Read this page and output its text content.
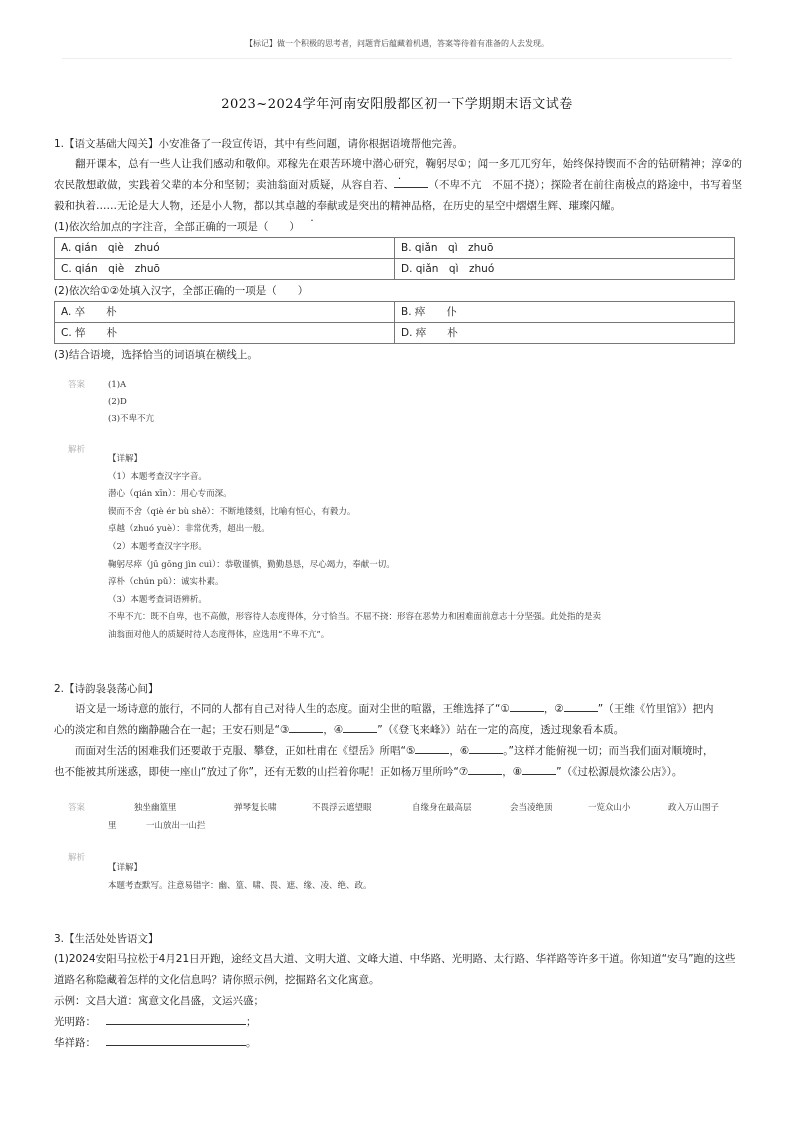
【标记】做一个积极的思考者，问题背后蕴藏着机遇，答案等待着有准备的人去发现。
2023~2024学年河南安阳殷都区初一下学期期末语文试卷

1.【语文基础大闯关】小安准备了一段宣传语，其中有些问题，请你根据语境帮他完善。

翻开课本，总有一些人让我们感动和敬仰。邓稼先在艰苦环境中潜 .心研究，鞠躬尽①；闻一多兀兀穷年，始终保持锲 .而不舍的钻研精神；淳②的农民散想敢做，实践着父辈的本分和坚韧；卖油翁面对质疑，从容自若、	（不卑不亢　不屈不挠）；探险者在前往南极点的路途中，书写着坚毅和执着……无论是大人物，还是小人物，都以其卓 .越的奉献或是突出的精神品格，在历史的星空中熠熠生辉、璀璨闪耀。

(1)依次给加点的字注音，全部正确的一项是（　　）

A. qián　qiè　zhuó	B. qiǎn　qì　zhuō
C. qián　qiè　zhuō	D. qiǎn　qì　zhuó

(2)依次给①②处填入汉字，全部正确的一项是（　　）

A. 卒　　朴	B. 瘁　　仆
C. 悴　　朴	D. 瘁　　朴

(3)结合语境，选择恰当的词语填在横线上。

答案	(1)A
(2)D
(3)不卑不亢
解析
【详解】
（1）本题考查汉字字音。
潜心（qián xīn）：用心专而深。
锲而不舍（qiè ér bù shě）：不断地镂刻，比喻有恒心，有毅力。
卓越（zhuó yuè）：非常优秀，超出一般。
（2）本题考查汉字字形。
鞠躬尽瘁（jū gōng jìn cuì）：恭敬谨慎，勤勤恳恳，尽心竭力，奉献一切。
淳朴（chún pǔ）：诚实朴素。
（3）本题考查词语辨析。
不卑不亢：既不自卑，也不高傲，形容待人态度得体，分寸恰当。不屈不挠：形容在恶势力和困难面前意志十分坚强。此处指的是卖
油翁面对他人的质疑时待人态度得体，应选用“不卑不亢”。

2.【诗韵袅袅荡心间】

语文是一场诗意的旅行，不同的人都有自己对待人生的态度。面对尘世的喧嚣，王维选择了“①	，②	”（王维《竹里馆》）把内

心的淡定和自然的幽静融合在一起；王安石则是“③	，④	”（《登飞来峰》）站在一定的高度，透过现象看本质。

而面对生活的困难我们还要敢于克服、攀登，正如杜甫在《望岳》所唱“⑤	，⑥	。”这样才能俯视一切；而当我们面对顺境时，

也不能被其所迷惑，即使一座山“放过了你”，还有无数的山拦着你呢！正如杨万里所吟“⑦	，⑧	”（《过松源晨炊漆公店》）。

答案	独坐幽篁里	弹琴复长啸	不畏浮云遮望眼	自缘身在最高层	会当凌绝顶	一览众山小	政入万山围子
里	一山放出一山拦
解析
【详解】
本题考查默写。注意易错字：幽、篁、啸、畏、遮、缘、凌、绝、政。

3.【生活处处皆语文】

(1)2024安阳马拉松于4月21日开跑，途经文昌大道、文明大道、文峰大道、中华路、光明路、太行路、华祥路等许多干道。你知道“安马”跑的这些

道路名称隐藏着怎样的文化信息吗？请你照示例，挖掘路名文化寓意。

示例：文昌大道：寓意文化昌盛，文运兴盛；

光明路：	；

华祥路：	。
